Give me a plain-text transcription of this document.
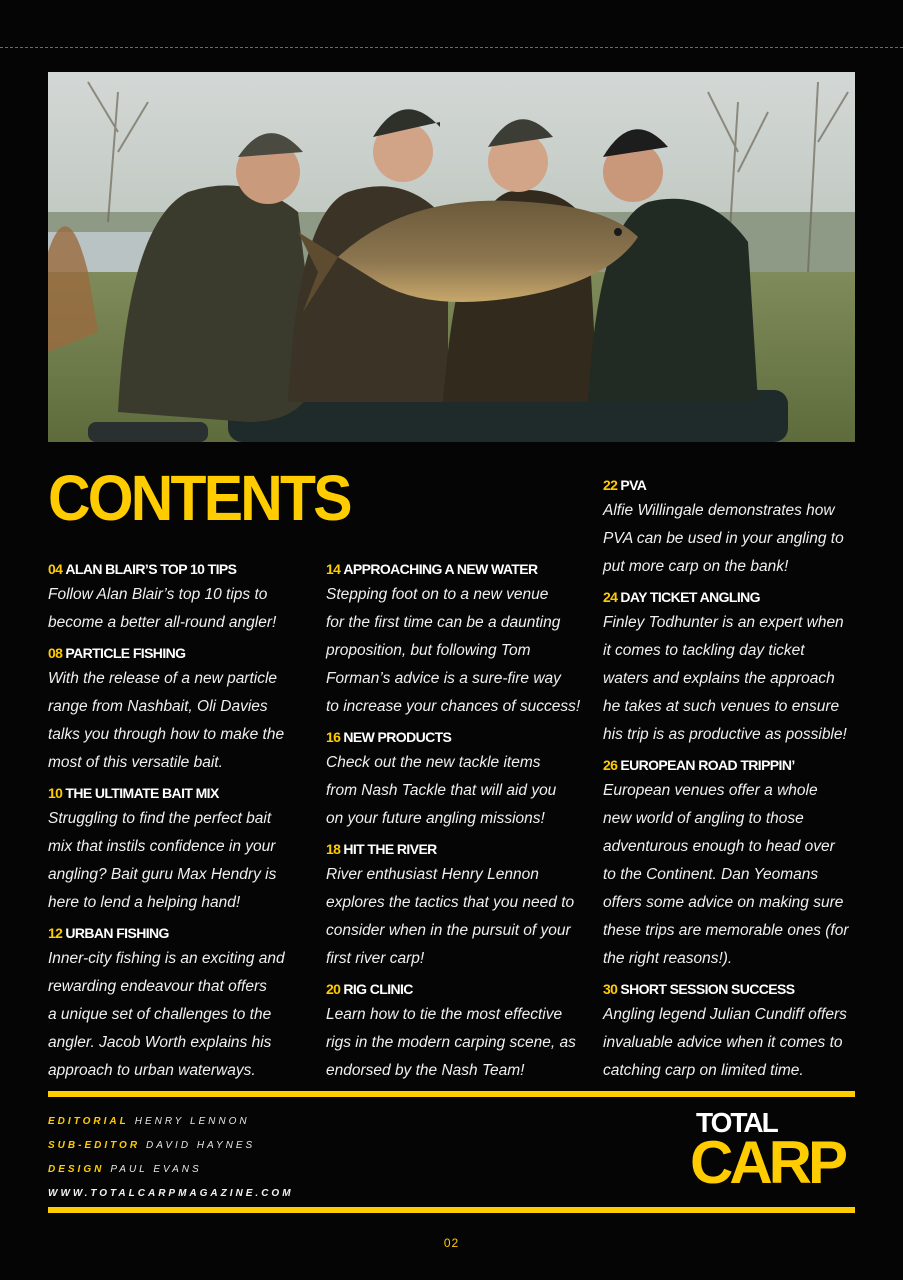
CONTENTS
04 ALAN BLAIR’S TOP 10 TIPS
Follow Alan Blair’s top 10 tips to
become a better all-round angler!
08 PARTICLE FISHING
With the release of a new particle
range from Nashbait, Oli Davies
talks you through how to make the
most of this versatile bait.
10 THE ULTIMATE BAIT MIX
Struggling to find the perfect bait
mix that instils confidence in your
angling? Bait guru Max Hendry is
here to lend a helping hand!
12 URBAN FISHING
Inner-city fishing is an exciting and
rewarding endeavour that offers
a unique set of challenges to the
angler. Jacob Worth explains his
approach to urban waterways.
14 APPROACHING A NEW WATER
Stepping foot on to a new venue
for the first time can be a daunting
proposition, but following Tom
Forman’s advice is a sure-fire way
to increase your chances of success!
16 NEW PRODUCTS
Check out the new tackle items
from Nash Tackle that will aid you
on your future angling missions!
18 HIT THE RIVER
River enthusiast Henry Lennon
explores the tactics that you need to
consider when in the pursuit of your
first river carp!
20 RIG CLINIC
Learn how to tie the most effective
rigs in the modern carping scene, as
endorsed by the Nash Team!
22 PVA
Alfie Willingale demonstrates how
PVA can be used in your angling to
put more carp on the bank!
24 DAY TICKET ANGLING
Finley Todhunter is an expert when
it comes to tackling day ticket
waters and explains the approach
he takes at such venues to ensure
his trip is as productive as possible!
26 EUROPEAN ROAD TRIPPIN’
European venues offer a whole
new world of angling to those
adventurous enough to head over
to the Continent. Dan Yeomans
offers some advice on making sure
these trips are memorable ones (for
the right reasons!).
30 SHORT SESSION SUCCESS
Angling legend Julian Cundiff offers
invaluable advice when it comes to
catching carp on limited time.
EDITORIAL HENRY LENNON
SUB-EDITOR DAVID HAYNES
DESIGN PAUL EVANS
WWW.TOTALCARPMAGAZINE.COM
TOTAL
CARP
02
